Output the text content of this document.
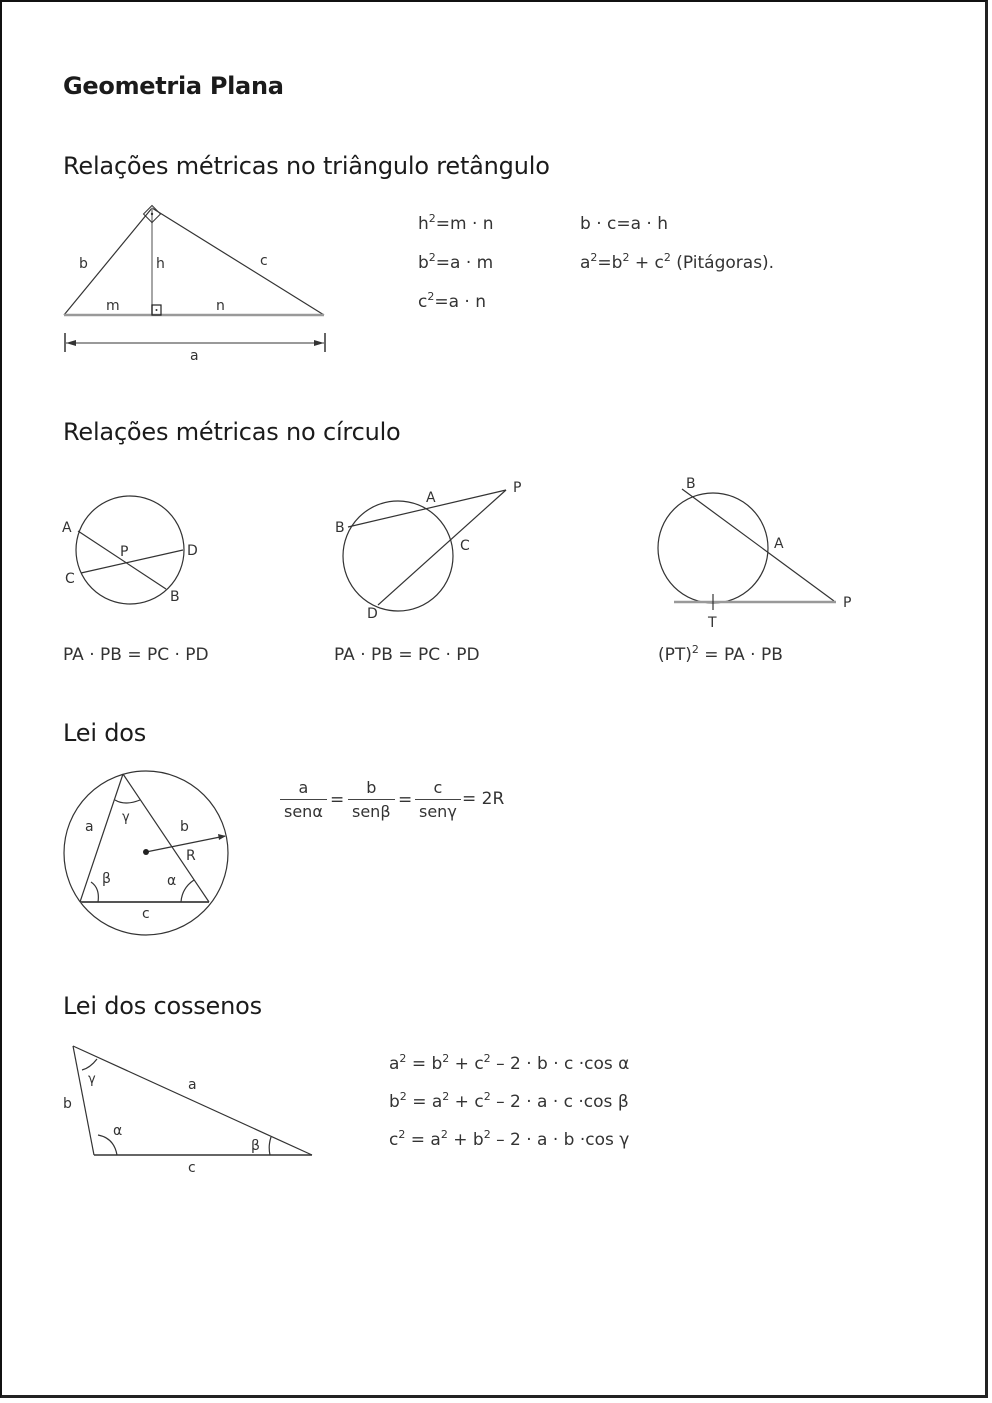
Geometria Plana
Relações métricas no triângulo retângulo
b	h	c
m	n
a
$h^2=m \cdot n$
$b^2=a \cdot m$
$c^2=a \cdot n$
b · c=a · h
$a^2=b^2 + c^2$ (Pitágoras).
Relações métricas no círculo
A
P	D
C
B
PA · PB = PC · PD
A
P
B
C
D
PA · PB = PC · PD
B
A
P
T
(PT)$^2$ = PA · PB
Lei dos
a
γ
b
R
β	α
c
a
senα
=
b
senβ
=
c
senγ
= 2R
Lei dos cossenos
γ	a
b
α
β
c
$a^2 = b^2 + c^2 - 2 \cdot b \cdot c \cdot\cos$ α
$b^2 = a^2 + c^2 - 2 \cdot a \cdot c \cdot\cos$ β
$c^2 = a^2 + b^2 - 2 \cdot a \cdot b \cdot\cos$ γ
